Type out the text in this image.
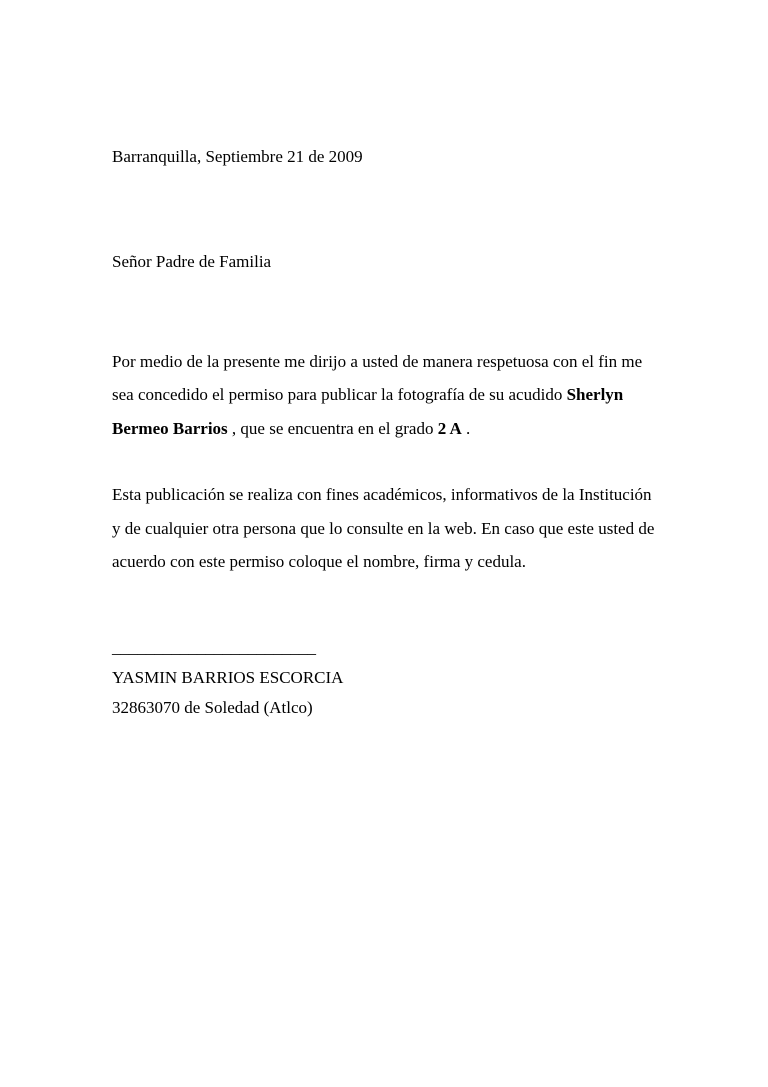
Barranquilla, Septiembre 21 de 2009
Señor Padre de Familia
Por medio de la presente me dirijo a usted de manera respetuosa con el fin me
sea concedido el permiso para publicar la fotografía de su acudido Sherlyn
Bermeo Barrios , que se encuentra en el grado 2 A .
Esta publicación se realiza con fines académicos, informativos de la Institución
y de cualquier otra persona que lo consulte en la web. En caso que este usted de
acuerdo con este permiso coloque el nombre, firma y cedula.
________________________
YASMIN BARRIOS ESCORCIA
32863070 de Soledad (Atlco)
